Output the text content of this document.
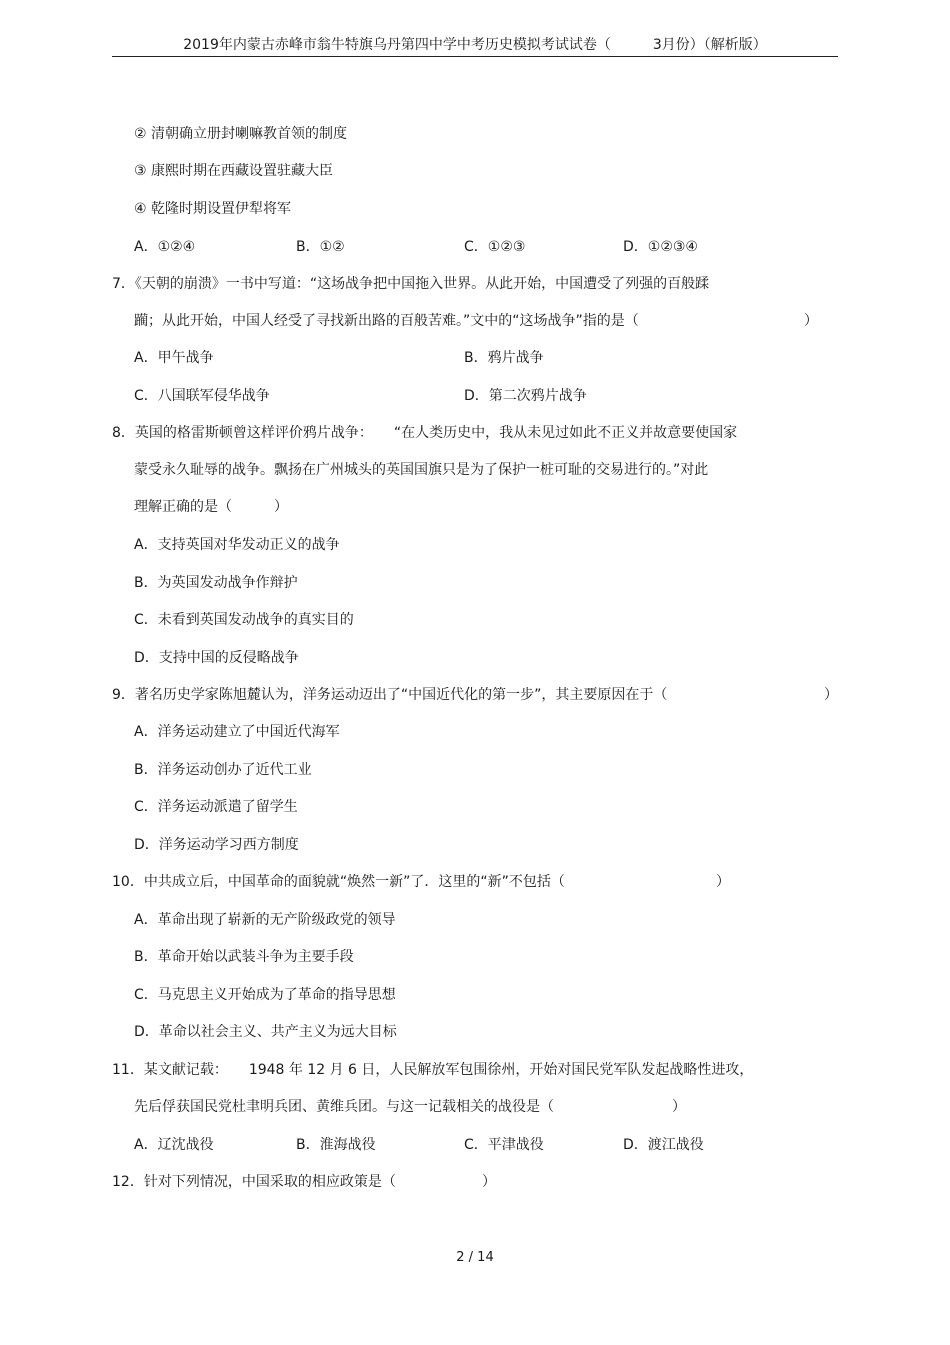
2019年内蒙古赤峰市翁牛特旗乌丹第四中学中考历史模拟考试试卷（　　　3月份）（解析版）
② 清朝确立册封喇嘛教首领的制度
③ 康熙时期在西藏设置驻藏大臣
④ 乾隆时期设置伊犁将军
A．①②④	B．①②	C．①②③	D．①②③④
7．《天朝的崩溃》一书中写道：“这场战争把中国拖入世界。从此开始，中国遭受了列强的百般蹂
躏；从此开始，中国人经受了寻找新出路的百般苦难。”文中的“这场战争”指的是（	）
A．甲午战争	B．鸦片战争
C．八国联军侵华战争	D．第二次鸦片战争
8．英国的格雷斯顿曾这样评价鸦片战争：　　“在人类历史中，我从未见过如此不正义并故意要使国家
蒙受永久耻辱的战争。飘扬在广州城头的英国国旗只是为了保护一桩可耻的交易进行的。”对此
理解正确的是（　　　）
A．支持英国对华发动正义的战争
B．为英国发动战争作辩护
C．未看到英国发动战争的真实目的
D．支持中国的反侵略战争
9．著名历史学家陈旭麓认为，洋务运动迈出了“中国近代化的第一步”，其主要原因在于（	）
A．洋务运动建立了中国近代海军
B．洋务运动创办了近代工业
C．洋务运动派遣了留学生
D．洋务运动学习西方制度
10．中共成立后，中国革命的面貌就“焕然一新”了．这里的“新”不包括（	）
A．革命出现了崭新的无产阶级政党的领导
B．革命开始以武装斗争为主要手段
C．马克思主义开始成为了革命的指导思想
D．革命以社会主义、共产主义为远大目标
11．某文献记载：　　1948 年 12 月 6 日，人民解放军包围徐州，开始对国民党军队发起战略性进攻，
先后俘获国民党杜聿明兵团、黄维兵团。与这一记载相关的战役是（	）
A．辽沈战役	B．淮海战役	C．平津战役	D．渡江战役
12．针对下列情况，中国采取的相应政策是（	）
2 / 14
